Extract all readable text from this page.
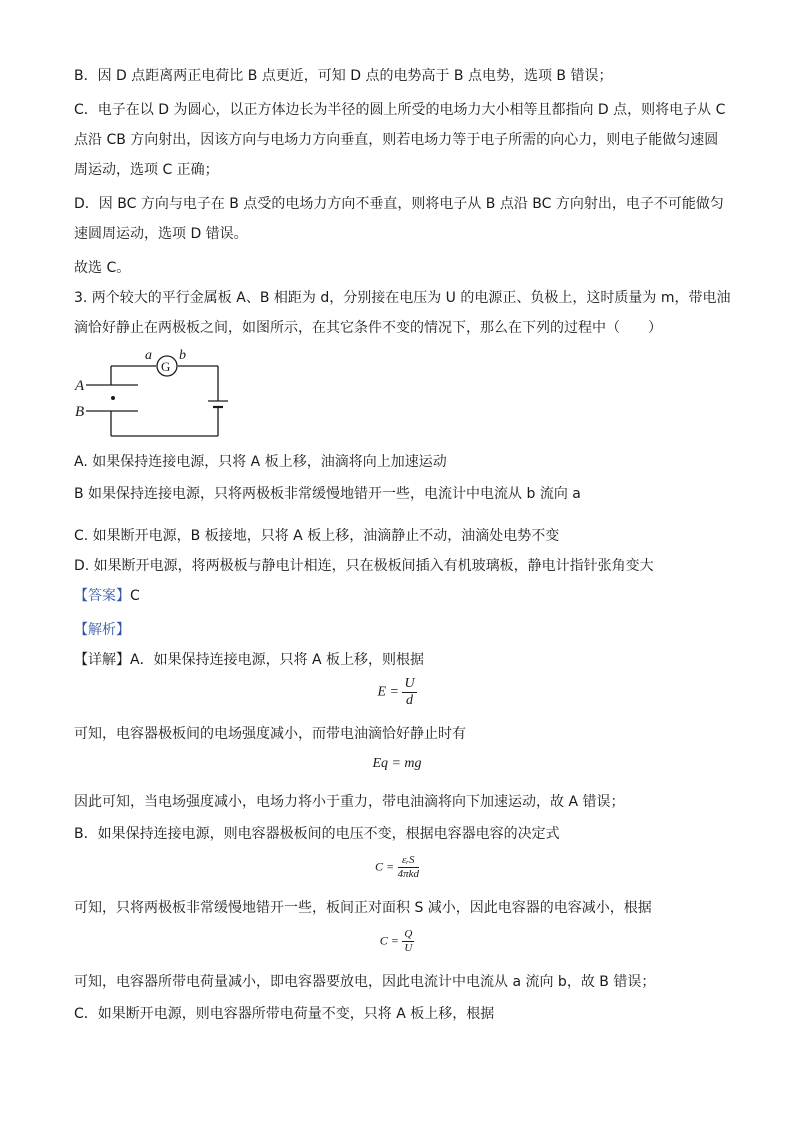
B．因 D 点距离两正电荷比 B 点更近，可知 D 点的电势高于 B 点电势，选项 B 错误；
C．电子在以 D 为圆心，以正方体边长为半径的圆上所受的电场力大小相等且都指向 D 点，则将电子从 C
点沿 CB 方向射出，因该方向与电场力方向垂直，则若电场力等于电子所需的向心力，则电子能做匀速圆
周运动，选项 C 正确；
D．因 BC 方向与电子在 B 点受的电场力方向不垂直，则将电子从 B 点沿 BC 方向射出，电子不可能做匀
速圆周运动，选项 D 错误。
故选 C。
3. 两个较大的平行金属板 A、B 相距为 d，分别接在电压为 U 的电源正、负极上，这时质量为 m，带电油
滴恰好静止在两极板之间，如图所示，在其它条件不变的情况下，那么在下列的过程中（　　）
a b
G
A
B
A. 如果保持连接电源，只将 A 板上移，油滴将向上加速运动
B 如果保持连接电源，只将两极板非常缓慢地错开一些，电流计中电流从 b 流向 a
C. 如果断开电源，B 板接地，只将 A 板上移，油滴静止不动，油滴处电势不变
D. 如果断开电源，将两极板与静电计相连，只在极板间插入有机玻璃板，静电计指针张角变大
【答案】C
【解析】
【详解】A．如果保持连接电源，只将 A 板上移，则根据
$E = \frac{U}{d}$
可知，电容器极板间的电场强度减小，而带电油滴恰好静止时有
Eq = mg
因此可知，当电场强度减小，电场力将小于重力，带电油滴将向下加速运动，故 A 错误；
B．如果保持连接电源，则电容器极板间的电压不变，根据电容器电容的决定式
$C = \frac{\text{εᵣS}}{\text{4πkd}}$
可知，只将两极板非常缓慢地错开一些，板间正对面积 S 减小，因此电容器的电容减小，根据
$C = \frac{Q}{U}$
可知，电容器所带电荷量减小，即电容器要放电，因此电流计中电流从 a 流向 b，故 B 错误；
C．如果断开电源，则电容器所带电荷量不变，只将 A 板上移，根据
